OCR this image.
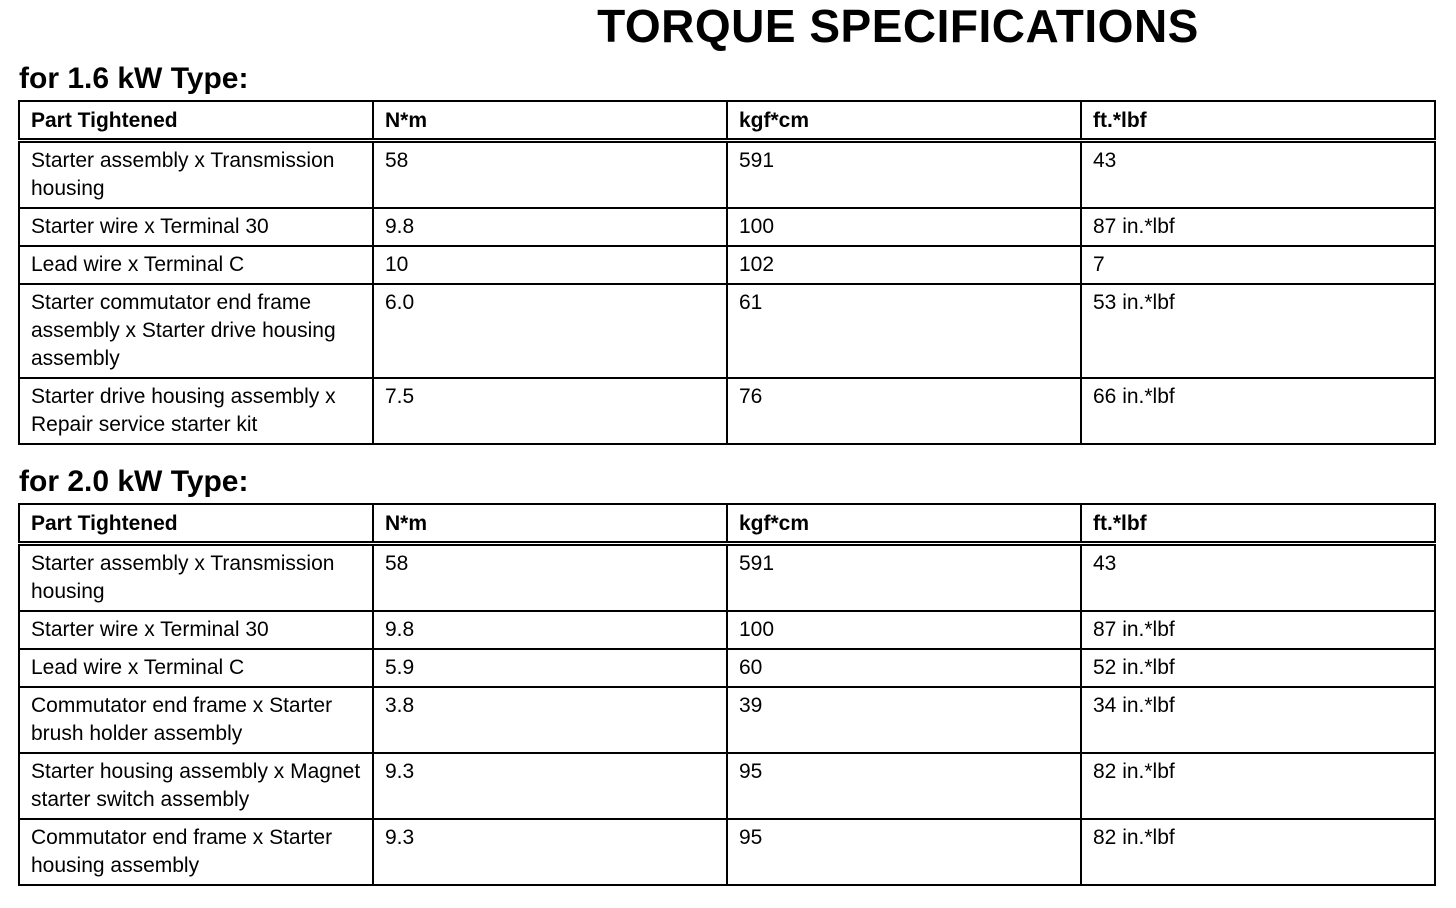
TORQUE SPECIFICATIONS
for 1.6 kW Type:
Part Tightened	N*m	kgf*cm	ft.*lbf
Starter assembly x Transmission housing	58	591	43
Starter wire x Terminal 30	9.8	100	87 in.*lbf
Lead wire x Terminal C	10	102	7
Starter commutator end frame assembly x Starter drive housing assembly	6.0	61	53 in.*lbf
Starter drive housing assembly x Repair service starter kit	7.5	76	66 in.*lbf
for 2.0 kW Type:
Part Tightened	N*m	kgf*cm	ft.*lbf
Starter assembly x Transmission housing	58	591	43
Starter wire x Terminal 30	9.8	100	87 in.*lbf
Lead wire x Terminal C	5.9	60	52 in.*lbf
Commutator end frame x Starter brush holder assembly	3.8	39	34 in.*lbf
Starter housing assembly x Magnet starter switch assembly	9.3	95	82 in.*lbf
Commutator end frame x Starter housing assembly	9.3	95	82 in.*lbf
